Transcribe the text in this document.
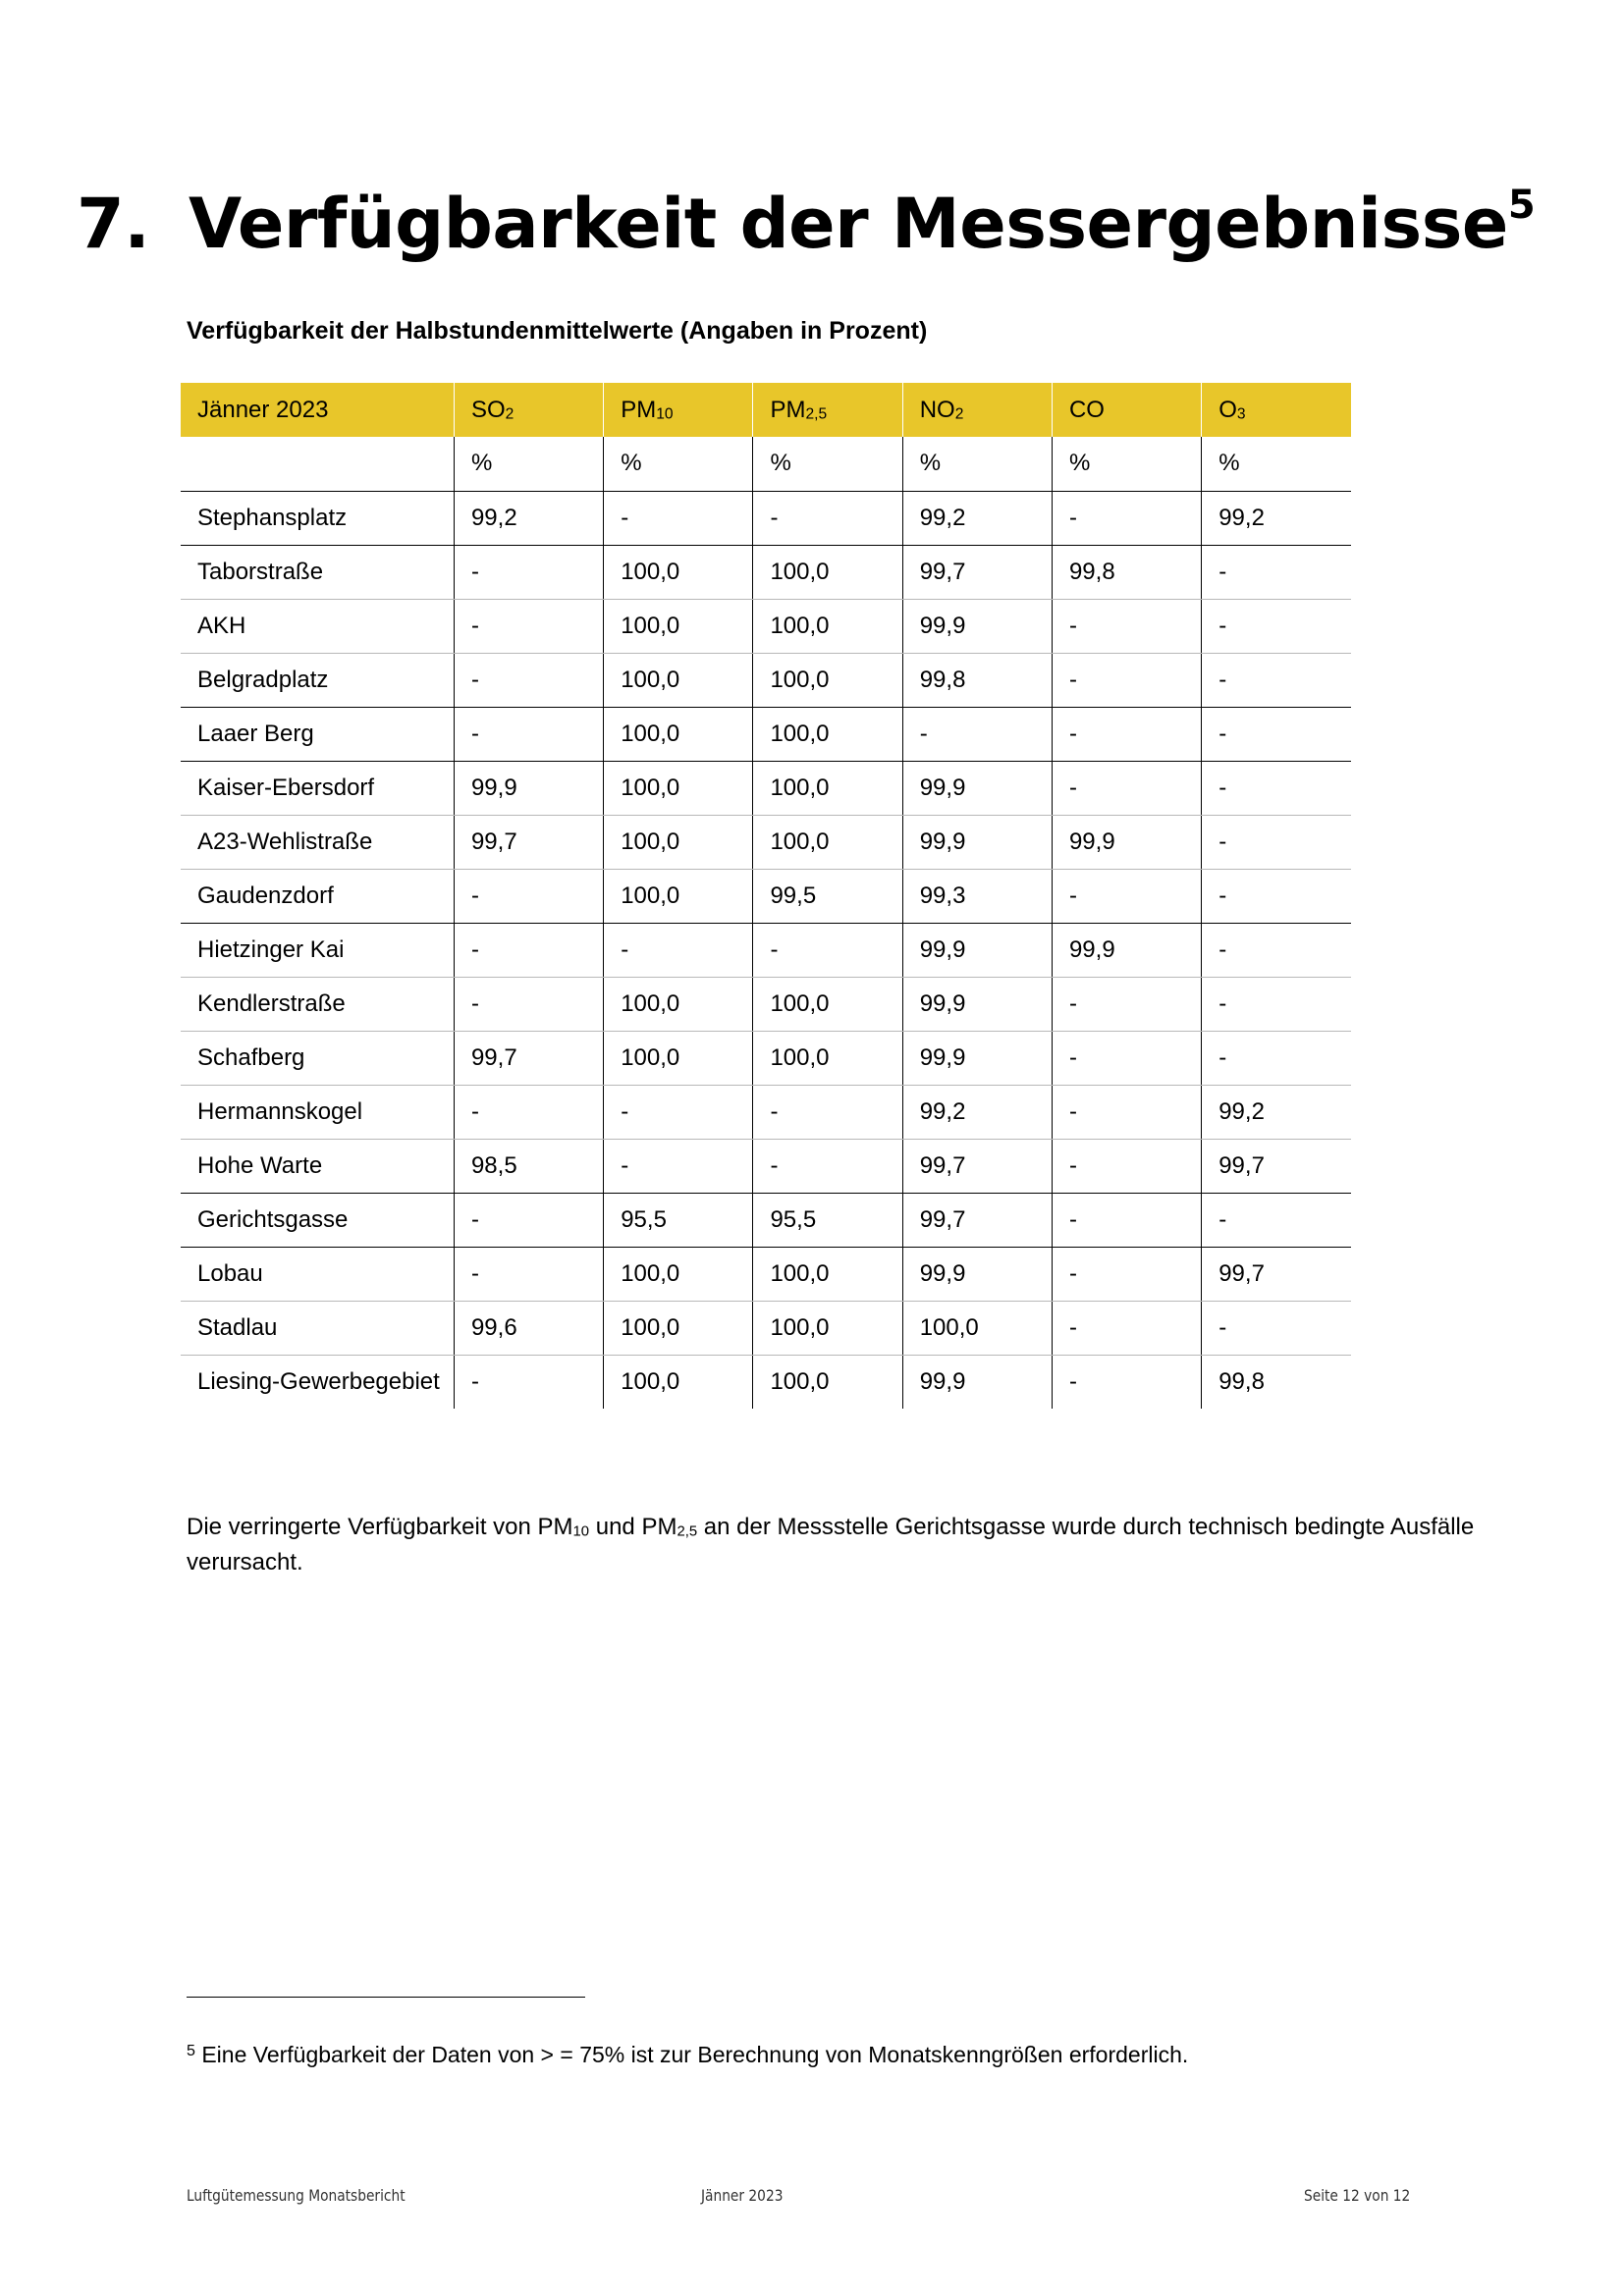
7. Verfügbarkeit der Messergebnisse$^5$

Verfügbarkeit der Halbstundenmittelwerte (Angaben in Prozent)

Jänner 2023	$SO_2$	$PM_{10}$	$PM_{2,5}$	$NO_2$	CO	$O_3$
	%	%	%	%	%	%
Stephansplatz	99,2	-	-	99,2	-	99,2
Taborstraße	-	100,0	100,0	99,7	99,8	-
AKH	-	100,0	100,0	99,9	-	-
Belgradplatz	-	100,0	100,0	99,8	-	-
Laaer Berg	-	100,0	100,0	-	-	-
Kaiser-Ebersdorf	99,9	100,0	100,0	99,9	-	-
A23-Wehlistraße	99,7	100,0	100,0	99,9	99,9	-
Gaudenzdorf	-	100,0	99,5	99,3	-	-
Hietzinger Kai	-	-	-	99,9	99,9	-
Kendlerstraße	-	100,0	100,0	99,9	-	-
Schafberg	99,7	100,0	100,0	99,9	-	-
Hermannskogel	-	-	-	99,2	-	99,2
Hohe Warte	98,5	-	-	99,7	-	99,7
Gerichtsgasse	-	95,5	95,5	99,7	-	-
Lobau	-	100,0	100,0	99,9	-	99,7
Stadlau	99,6	100,0	100,0	100,0	-	-
Liesing-Gewerbegebiet	-	100,0	100,0	99,9	-	99,8

Die verringerte Verfügbarkeit von $PM_{10}$ und $PM_{2,5}$ an der Messstelle Gerichtsgasse wurde durch technisch bedingte Ausfälle verursacht.

$^5$ Eine Verfügbarkeit der Daten von > = 75% ist zur Berechnung von Monatskenngrößen erforderlich.

Luftgütemessung Monatsbericht	Jänner 2023	Seite 12 von 12
